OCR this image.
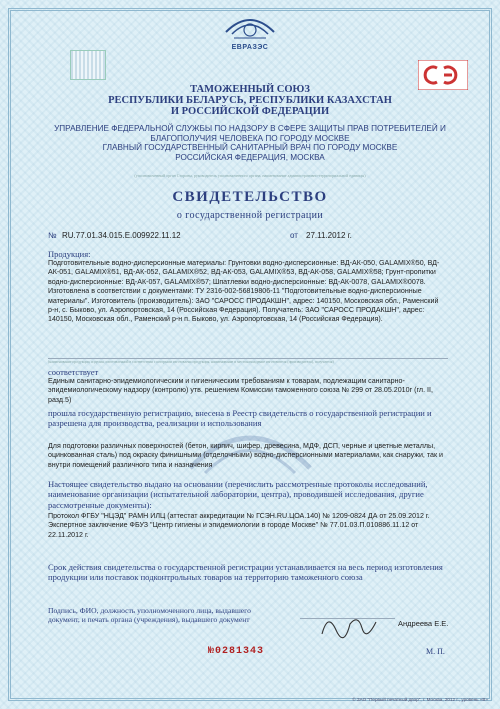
ЕВРАЗЭС
ТАМОЖЕННЫЙ СОЮЗ
РЕСПУБЛИКИ БЕЛАРУСЬ, РЕСПУБЛИКИ КАЗАХСТАН
И РОССИЙСКОЙ ФЕДЕРАЦИИ
УПРАВЛЕНИЕ ФЕДЕРАЛЬНОЙ СЛУЖБЫ ПО НАДЗОРУ В СФЕРЕ ЗАЩИТЫ ПРАВ ПОТРЕБИТЕЛЕЙ И
БЛАГОПОЛУЧИЯ ЧЕЛОВЕКА ПО ГОРОДУ МОСКВЕ
ГЛАВНЫЙ ГОСУДАРСТВЕННЫЙ САНИТАРНЫЙ ВРАЧ ПО ГОРОДУ МОСКВЕ
РОССИЙСКАЯ ФЕДЕРАЦИЯ, МОСКВА
(уполномоченный орган Стороны, руководитель уполномоченного органа, наименование административно-территориальной единицы)
СВИДЕТЕЛЬСТВО
о государственной регистрации
№ RU.77.01.34.015.E.009922.11.12	от 27.11.2012 г.
Продукция:
Подготовительные водно-дисперсионные материалы: Грунтовки водно-дисперсионные: ВД-АК-050, GALAMIX®50, ВД-АК-051, GALAMIX®51, ВД-АК-052, GALAMIX®52, ВД-АК-053, GALAMIX®53, ВД-АК-058, GALAMIX®58; Грунт-пропитки водно-дисперсионные: ВД-АК-057, GALAMIX®57; Шпатлевки водно-дисперсионные: ВД-АК-0078, GALAMIX®0078. Изготовлена в соответствии с документами: ТУ 2316-002-56819806-11 "Подготовительные водно-дисперсионные материалы". Изготовитель (производитель): ЗАО "САРОСС ПРОДАКШН", адрес: 140150, Московская обл., Раменский р-н, с. Быково, ул. Аэропортовская, 14 (Российская Федерация). Получатель: ЗАО "САРОСС ПРОДАКШН", адрес: 140150, Московская обл., Раменский р-н п. Быково, ул. Аэропортовская, 14 (Российская Федерация).
(наименование продукции, изделия, изготовленной в соответствии с которыми изготовлена продукция, наименование и местонахождение изготовителя (производителя), получателя)
соответствует
Единым санитарно-эпидемиологическим и гигиеническим требованиям к товарам, подлежащим санитарно-эпидемиологическому надзору (контролю) утв. решением Комиссии таможенного союза № 299 от 28.05.2010г (гл. II, разд.5)
прошла государственную регистрацию, внесена в Реестр свидетельств о государственной регистрации и разрешена для производства, реализации и использования
Для подготовки различных поверхностей (бетон, кирпич, шифер, древесина, МДФ, ДСП, черные и цветные металлы, оцинкованная сталь) под окраску финишными (отделочными) водно-дисперсионными материалами, как снаружи, так и внутри помещений различного типа и назначения
Настоящее свидетельство выдано на основании (перечислить рассмотренные протоколы исследований, наименование организации (испытательной лаборатории, центра), проводившей исследования, другие рассмотренные документы):
Протокол ФГБУ "НЦЭД" РАМН ИЛЦ (аттестат аккредитации № ГСЭН.RU.ЦОА.140) № 1209-0824 ДА от 25.09.2012 г. Экспертное заключение ФБУЗ "Центр гигиены и эпидемиологии в городе Москве" № 77.01.03.П.010886.11.12 от 22.11.2012 г.
Срок действия свидетельства о государственной регистрации устанавливается на весь период изготовления продукции или поставок подконтрольных товаров на территорию таможенного союза
Подпись, ФИО, должность уполномоченного лица, выдавшего документ, и печать органа (учреждения), выдавшего документ	Андреева Е.Е.
№0281343	М. П.
© ЗАО "Первый печатный двор", г. Москва, 2012 г., уровень «В»
